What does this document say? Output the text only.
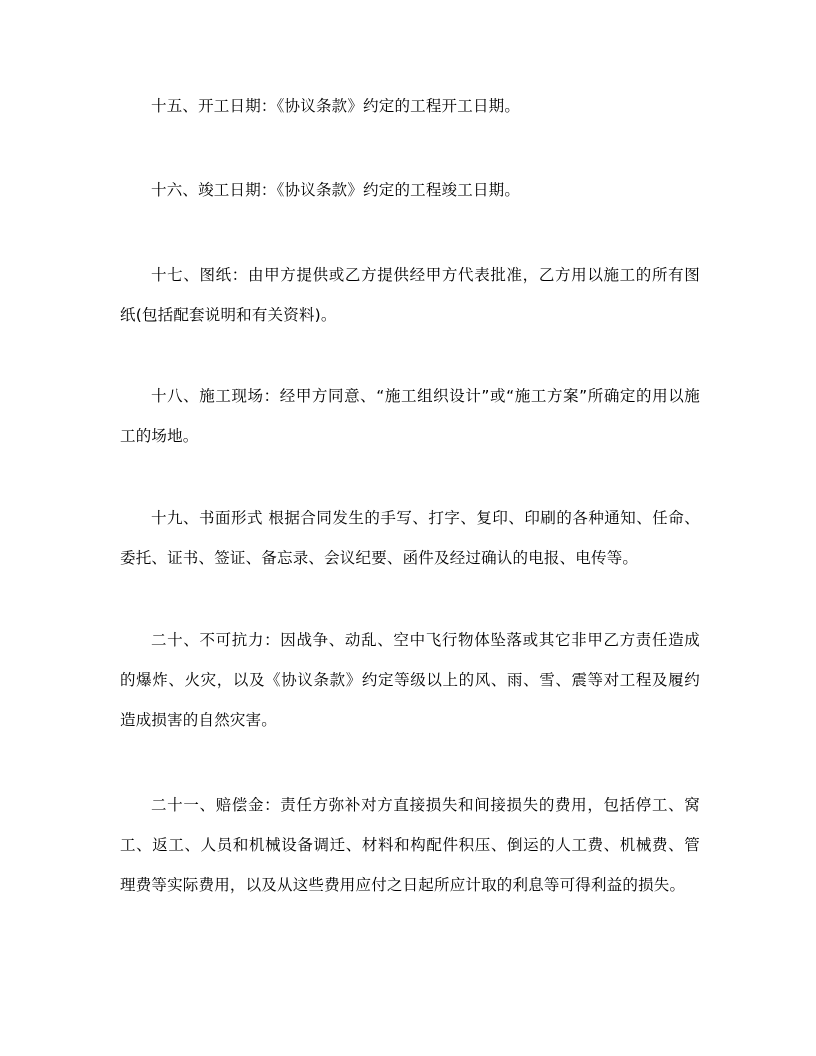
十五、开工日期：《协议条款》约定的工程开工日期。

十六、竣工日期：《协议条款》约定的工程竣工日期。

十七、图纸：由甲方提供或乙方提供经甲方代表批准，乙方用以施工的所有图纸(包括配套说明和有关资料)。

十八、施工现场：经甲方同意、“施工组织设计”或“施工方案”所确定的用以施工的场地。

十九、书面形式 根据合同发生的手写、打字、复印、印刷的各种通知、任命、委托、证书、签证、备忘录、会议纪要、函件及经过确认的电报、电传等。

二十、不可抗力：因战争、动乱、空中飞行物体坠落或其它非甲乙方责任造成的爆炸、火灾，以及《协议条款》约定等级以上的风、雨、雪、震等对工程及履约造成损害的自然灾害。

二十一、赔偿金：责任方弥补对方直接损失和间接损失的费用，包括停工、窝工、返工、人员和机械设备调迁、材料和构配件积压、倒运的人工费、机械费、管理费等实际费用，以及从这些费用应付之日起所应计取的利息等可得利益的损失。
